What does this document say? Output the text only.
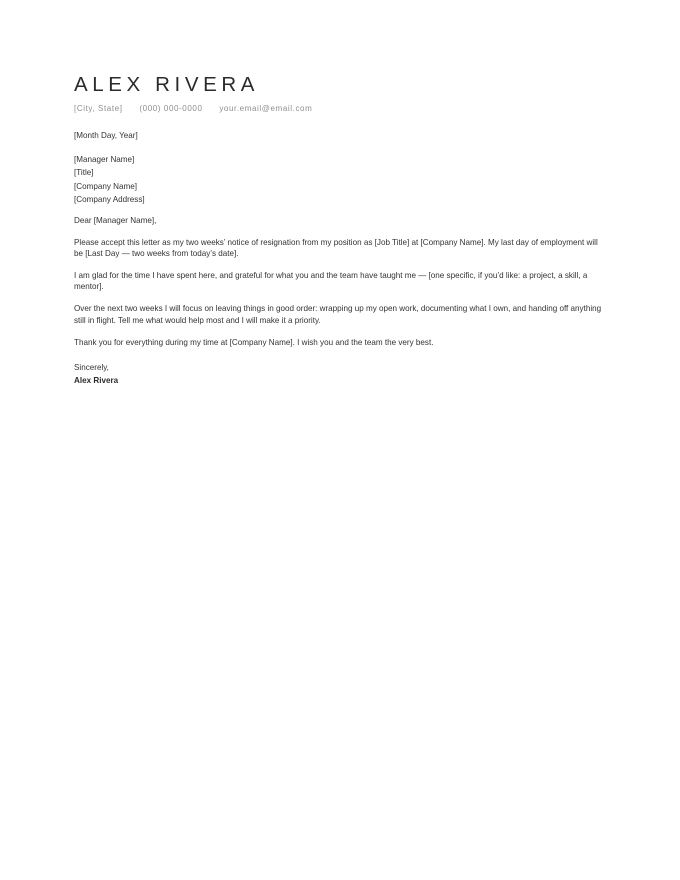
ALEX RIVERA
[City, State] (000) 000-0000 your.email@email.com
[Month Day, Year]
[Manager Name]
[Title]
[Company Name]
[Company Address]
Dear [Manager Name],
Please accept this letter as my two weeks’ notice of resignation from my position as [Job Title] at [Company Name]. My last day of employment will be [Last Day — two weeks from today’s date].
I am glad for the time I have spent here, and grateful for what you and the team have taught me — [one specific, if you’d like: a project, a skill, a mentor].
Over the next two weeks I will focus on leaving things in good order: wrapping up my open work, documenting what I own, and handing off anything still in flight. Tell me what would help most and I will make it a priority.
Thank you for everything during my time at [Company Name]. I wish you and the team the very best.
Sincerely,
Alex Rivera
